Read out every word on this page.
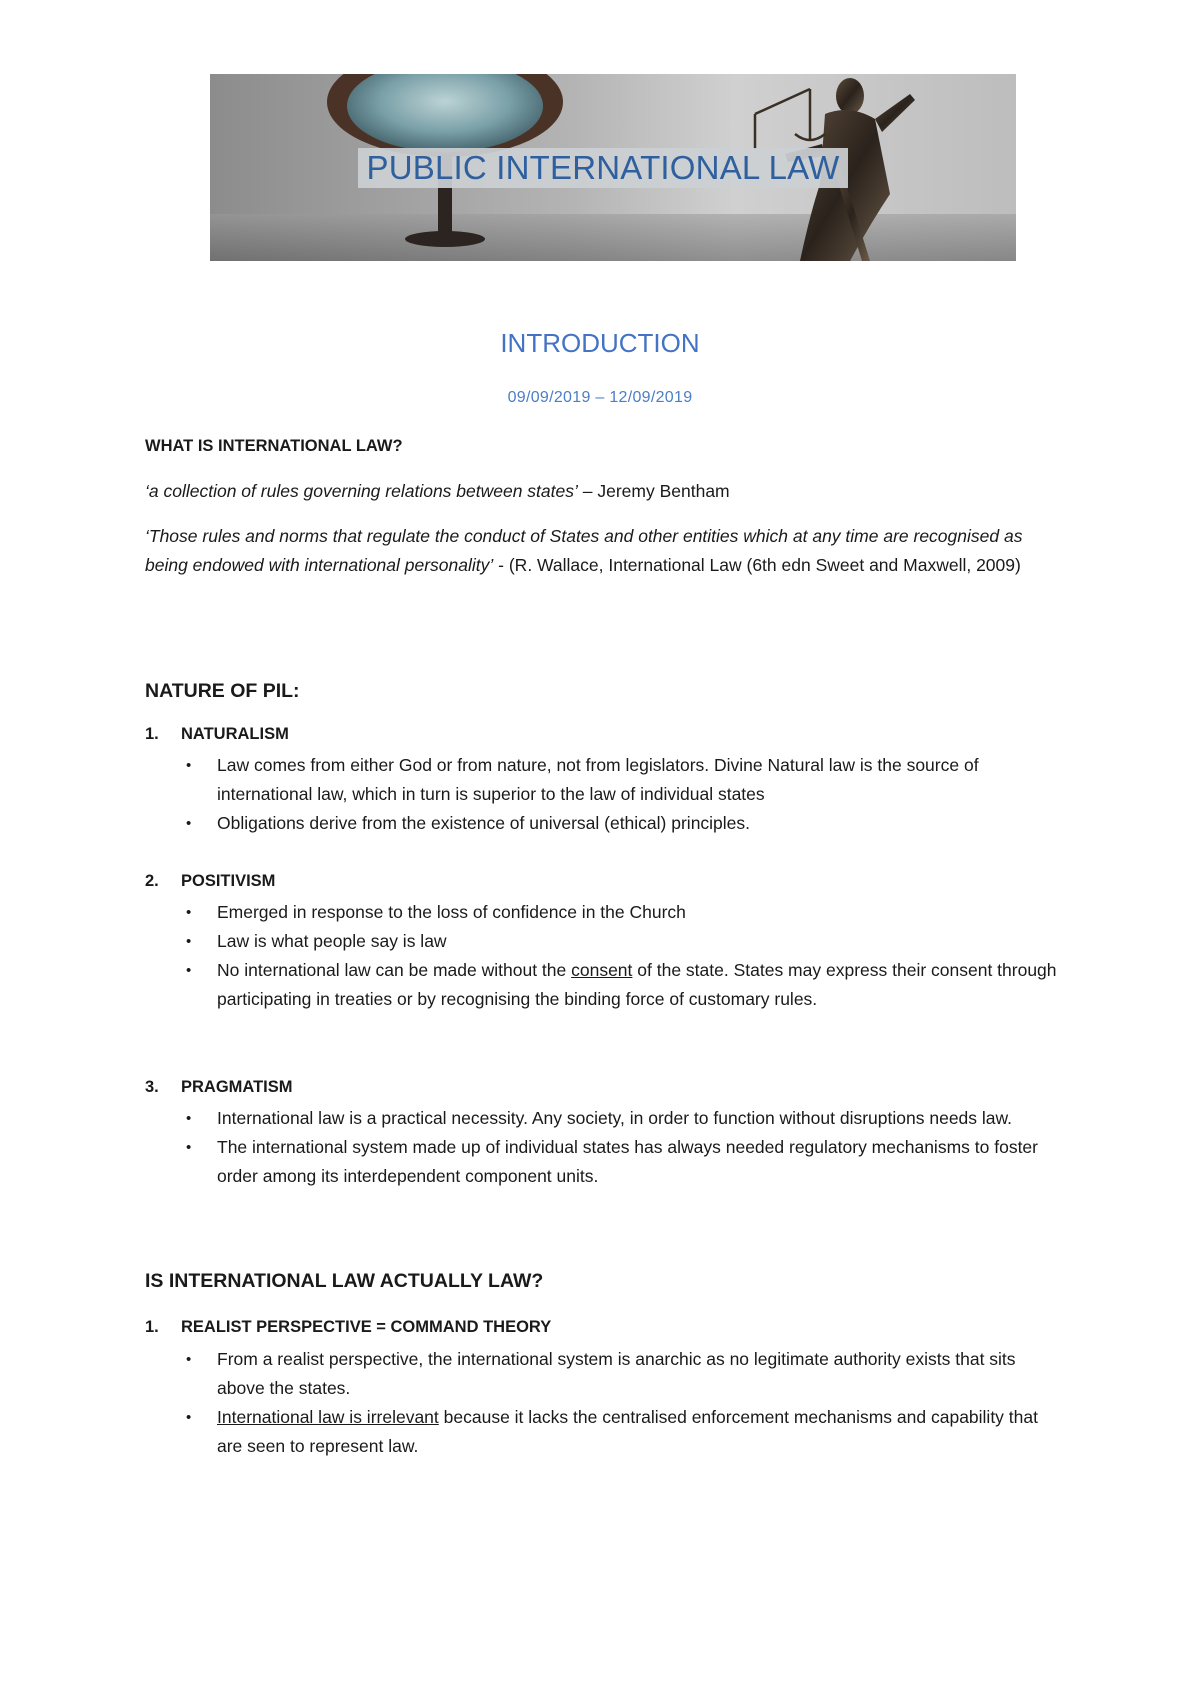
PUBLIC INTERNATIONAL LAW
INTRODUCTION
09/09/2019 – 12/09/2019
WHAT IS INTERNATIONAL LAW?
‘a collection of rules governing relations between states’ – Jeremy Bentham
‘Those rules and norms that regulate the conduct of States and other entities which at any time are recognised as being endowed with international personality’ - (R. Wallace, International Law (6th edn Sweet and Maxwell, 2009)
NATURE OF PIL:
1. NATURALISM
• Law comes from either God or from nature, not from legislators. Divine Natural law is the source of international law, which in turn is superior to the law of individual states
• Obligations derive from the existence of universal (ethical) principles.
2. POSITIVISM
• Emerged in response to the loss of confidence in the Church
• Law is what people say is law
• No international law can be made without the consent of the state. States may express their consent through participating in treaties or by recognising the binding force of customary rules.
3. PRAGMATISM
• International law is a practical necessity. Any society, in order to function without disruptions needs law.
• The international system made up of individual states has always needed regulatory mechanisms to foster order among its interdependent component units.
IS INTERNATIONAL LAW ACTUALLY LAW?
1. REALIST PERSPECTIVE = COMMAND THEORY
• From a realist perspective, the international system is anarchic as no legitimate authority exists that sits above the states.
• International law is irrelevant because it lacks the centralised enforcement mechanisms and capability that are seen to represent law.
